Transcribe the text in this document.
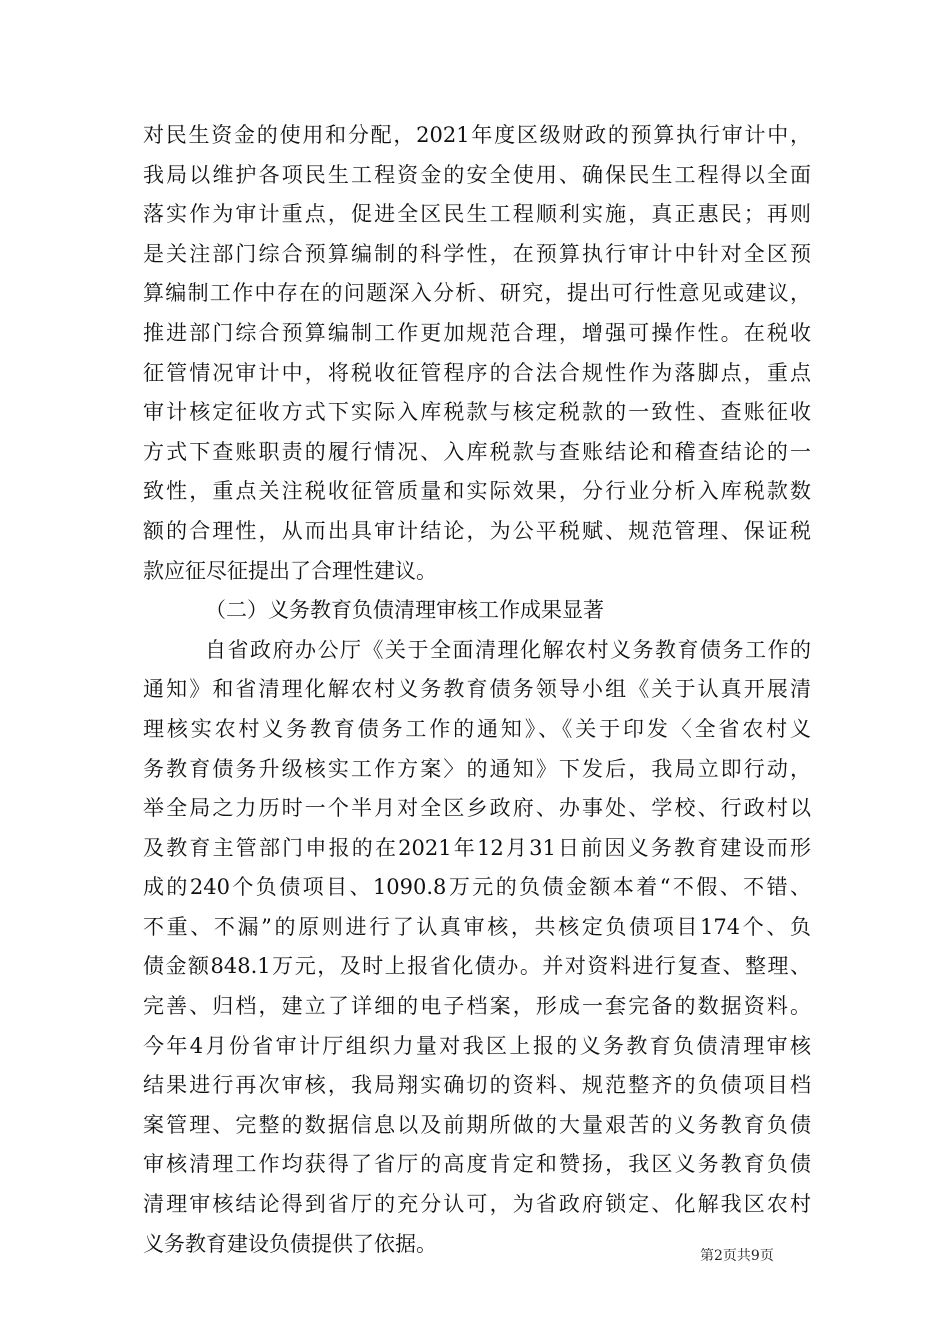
对民生资金的使用和分配，2021年度区级财政的预算执行审计中，
我局以维护各项民生工程资金的安全使用、确保民生工程得以全面
落实作为审计重点，促进全区民生工程顺利实施，真正惠民；再则
是关注部门综合预算编制的科学性，在预算执行审计中针对全区预
算编制工作中存在的问题深入分析、研究，提出可行性意见或建议，
推进部门综合预算编制工作更加规范合理，增强可操作性。在税收
征管情况审计中，将税收征管程序的合法合规性作为落脚点，重点
审计核定征收方式下实际入库税款与核定税款的一致性、查账征收
方式下查账职责的履行情况、入库税款与查账结论和稽查结论的一
致性，重点关注税收征管质量和实际效果，分行业分析入库税款数
额的合理性，从而出具审计结论，为公平税赋、规范管理、保证税
款应征尽征提出了合理性建议。
（二）义务教育负债清理审核工作成果显著
自省政府办公厅《关于全面清理化解农村义务教育债务工作的
通知》和省清理化解农村义务教育债务领导小组《关于认真开展清
理核实农村义务教育债务工作的通知》、《关于印发〈全省农村义
务教育债务升级核实工作方案〉的通知》下发后，我局立即行动，
举全局之力历时一个半月对全区乡政府、办事处、学校、行政村以
及教育主管部门申报的在2021年12月31日前因义务教育建设而形
成的240个负债项目、1090.8万元的负债金额本着“不假、不错、
不重、不漏”的原则进行了认真审核，共核定负债项目174个、负
债金额848.1万元，及时上报省化债办。并对资料进行复查、整理、
完善、归档，建立了详细的电子档案，形成一套完备的数据资料。
今年4月份省审计厅组织力量对我区上报的义务教育负债清理审核
结果进行再次审核，我局翔实确切的资料、规范整齐的负债项目档
案管理、完整的数据信息以及前期所做的大量艰苦的义务教育负债
审核清理工作均获得了省厅的高度肯定和赞扬，我区义务教育负债
清理审核结论得到省厅的充分认可，为省政府锁定、化解我区农村
义务教育建设负债提供了依据。
第2页共9页
